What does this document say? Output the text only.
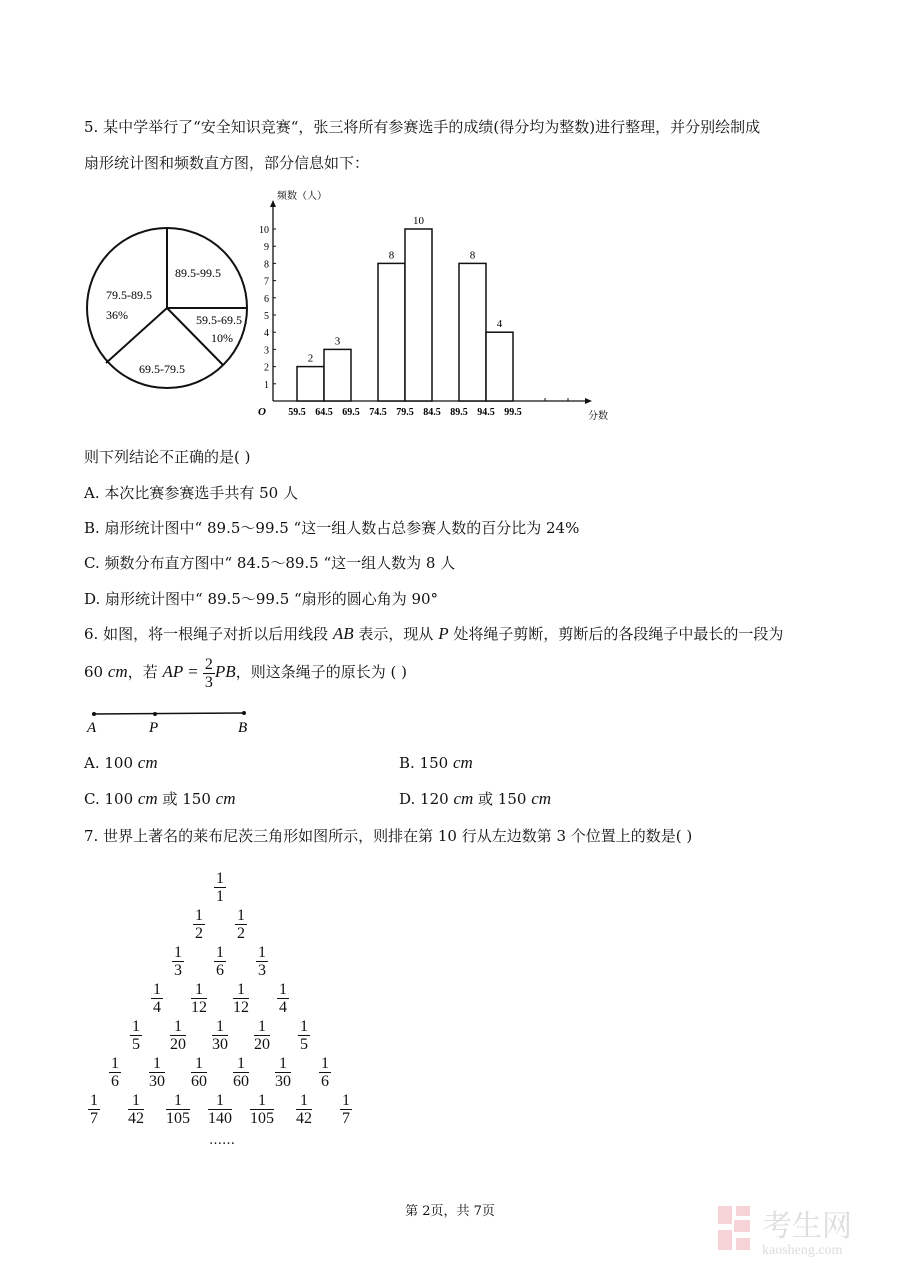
5. 某中学举行了“安全知识竞赛“，张三将所有参赛选手的成绩(得分均为整数)进行整理，并分别绘制成
扇形统计图和频数直方图，部分信息如下：
89.5-99.5
59.5-69.5
10%
69.5-79.5
79.5-89.5
36%
频数（人）
分数
O
1
2
3
4
5
6
7
8
9
10
59.5 64.5 69.5 74.5 79.5 84.5 89.5 94.5 99.5
2
3
8
10
8
4
则下列结论不正确的是( )
A. 本次比赛参赛选手共有 50 人
B. 扇形统计图中“ 89.5～99.5 “这一组人数占总参赛人数的百分比为 24%
C. 频数分布直方图中“ 84.5～89.5 “这一组人数为 8 人
D. 扇形统计图中“ 89.5～99.5 “扇形的圆心角为 90°
6. 如图，将一根绳子对折以后用线段 AB 表示，现从 P 处将绳子剪断，剪断后的各段绳子中最长的一段为
60 cm，若 AP = $\frac{2}{3}$ PB，则这条绳子的原长为 ( )
A	P	B
A. 100 cm	B. 150 cm
C. 100 cm 或 150 cm	D. 120 cm 或 150 cm
7. 世界上著名的莱布尼茨三角形如图所示，则排在第 10 行从左边数第 3 个位置上的数是( )
$\frac{1}{1}$
$\frac{1}{2} \frac{1}{2}$
$\frac{1}{3} \frac{1}{6} \frac{1}{3}$
$\frac{1}{4} \frac{1}{12} \frac{1}{12} \frac{1}{4}$
$\frac{1}{5} \frac{1}{20} \frac{1}{30} \frac{1}{20} \frac{1}{5}$
$\frac{1}{6} \frac{1}{30} \frac{1}{60} \frac{1}{60} \frac{1}{30} \frac{1}{6}$
$\frac{1}{7} \frac{1}{42} \frac{1}{105} \frac{1}{140} \frac{1}{105} \frac{1}{42} \frac{1}{7}$
……
第 2页，共 7页	考生网
kaosheng.com
